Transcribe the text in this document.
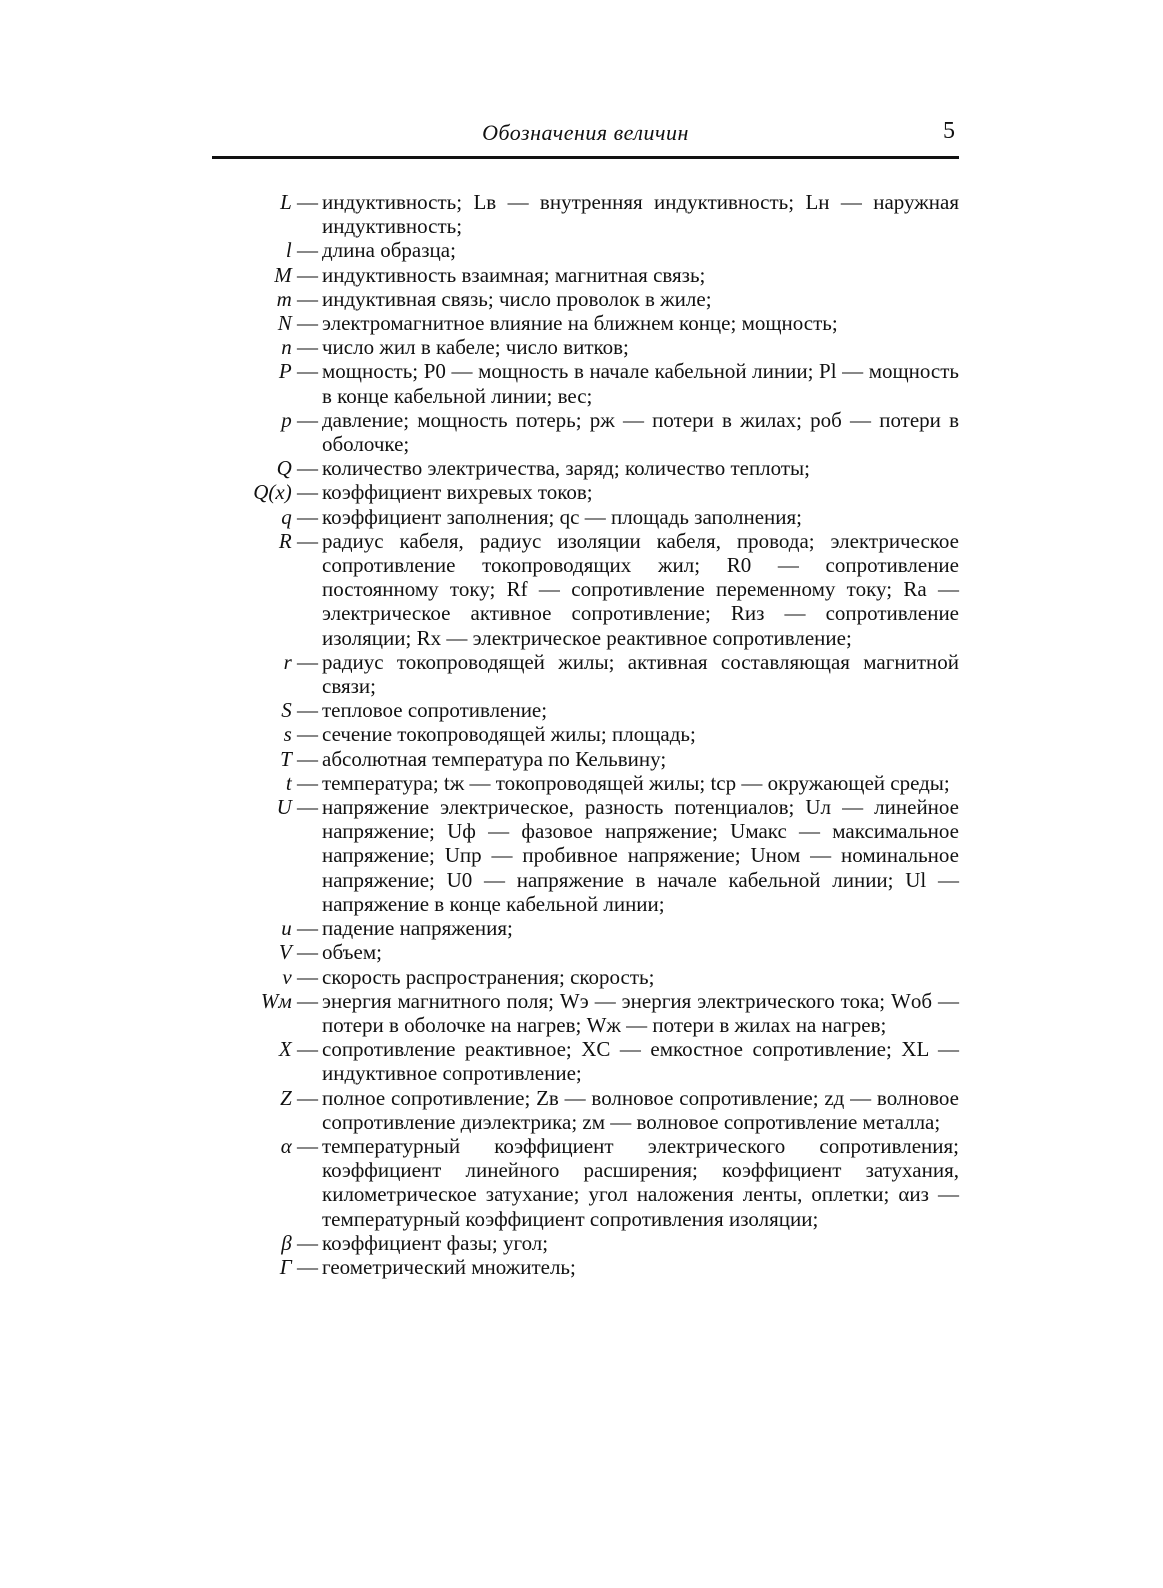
Обозначения величин	5
L — индуктивность; Lв — внутренняя индуктивность; Lн — наружная индуктивность;
l — длина образца;
M — индуктивность взаимная; магнитная связь;
m — индуктивная связь; число проволок в жиле;
N — электромагнитное влияние на ближнем конце; мощность;
n — число жил в кабеле; число витков;
P — мощность; P0 — мощность в начале кабельной линии; Pl — мощность в конце кабельной линии; вес;
p — давление; мощность потерь; pж — потери в жилах; pоб — потери в оболочке;
Q — количество электричества, заряд; количество теплоты;
Q(x) — коэффициент вихревых токов;
q — коэффициент заполнения; qс — площадь заполнения;
R — радиус кабеля, радиус изоляции кабеля, провода; электрическое сопротивление токопроводящих жил; R0 — сопротивление постоянному току; Rf — сопротивление переменному току; Rа — электрическое активное сопротивление; Rиз — сопротивление изоляции; Rx — электрическое реактивное сопротивление;
r — радиус токопроводящей жилы; активная составляющая магнитной связи;
S — тепловое сопротивление;
s — сечение токопроводящей жилы; площадь;
T — абсолютная температура по Кельвину;
t — температура; tж — токопроводящей жилы; tср — окружающей среды;
U — напряжение электрическое, разность потенциалов; Uл — линейное напряжение; Uф — фазовое напряжение; Uмакс — максимальное напряжение; Uпр — пробивное напряжение; Uном — номинальное напряжение; U0 — напряжение в начале кабельной линии; Ul — напряжение в конце кабельной линии;
u — падение напряжения;
V — объем;
v — скорость распространения; скорость;
Wм — энергия магнитного поля; Wэ — энергия электрического тока; Wоб — потери в оболочке на нагрев; Wж — потери в жилах на нагрев;
X — сопротивление реактивное; XC — емкостное сопротивление; XL — индуктивное сопротивление;
Z — полное сопротивление; Zв — волновое сопротивление; zд — волновое сопротивление диэлектрика; zм — волновое сопротивление металла;
α — температурный коэффициент электрического сопротивления; коэффициент линейного расширения; коэффициент затухания, километрическое затухание; угол наложения ленты, оплетки; αиз — температурный коэффициент сопротивления изоляции;
β — коэффициент фазы; угол;
Г — геометрический множитель;
